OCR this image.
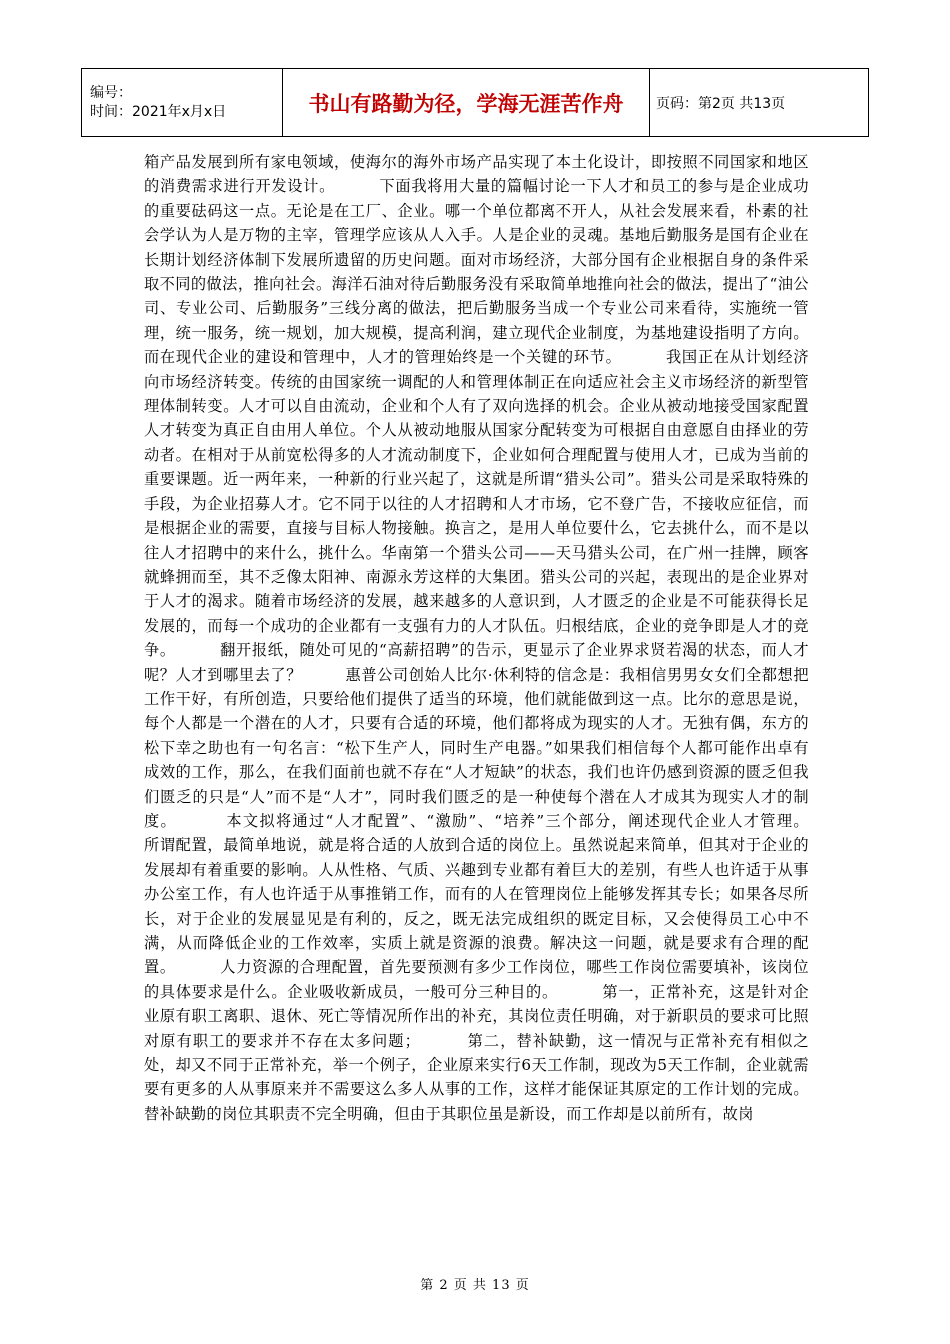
编号：
时间：2021年x月x日	书山有路勤为径，学海无涯苦作舟	页码：第2页 共13页

箱产品发展到所有家电领域，使海尔的海外市场产品实现了本土化设计，即按照不同国家和地区的消费需求进行开发设计。        下面我将用大量的篇幅讨论一下人才和员工的参与是企业成功的重要砝码这一点。无论是在工厂、企业。哪一个单位都离不开人，从社会发展来看，朴素的社会学认为人是万物的主宰，管理学应该从人入手。人是企业的灵魂。基地后勤服务是国有企业在长期计划经济体制下发展所遗留的历史问题。面对市场经济，大部分国有企业根据自身的条件采取不同的做法，推向社会。海洋石油对待后勤服务没有采取简单地推向社会的做法，提出了“油公司、专业公司、后勤服务”三线分离的做法，把后勤服务当成一个专业公司来看待，实施统一管理，统一服务，统一规划，加大规模，提高利润，建立现代企业制度，为基地建设指明了方向。而在现代企业的建设和管理中，人才的管理始终是一个关键的环节。        我国正在从计划经济向市场经济转变。传统的由国家统一调配的人和管理体制正在向适应社会主义市场经济的新型管理体制转变。人才可以自由流动，企业和个人有了双向选择的机会。企业从被动地接受国家配置人才转变为真正自由用人单位。个人从被动地服从国家分配转变为可根据自由意愿自由择业的劳动者。在相对于从前宽松得多的人才流动制度下，企业如何合理配置与使用人才，已成为当前的重要课题。近一两年来，一种新的行业兴起了，这就是所谓“猎头公司”。猎头公司是采取特殊的手段，为企业招募人才。它不同于以往的人才招聘和人才市场，它不登广告，不接收应征信，而是根据企业的需要，直接与目标人物接触。换言之，是用人单位要什么，它去挑什么，而不是以往人才招聘中的来什么，挑什么。华南第一个猎头公司——天马猎头公司，在广州一挂牌，顾客就蜂拥而至，其不乏像太阳神、南源永芳这样的大集团。猎头公司的兴起，表现出的是企业界对于人才的渴求。随着市场经济的发展，越来越多的人意识到，人才匮乏的企业是不可能获得长足发展的，而每一个成功的企业都有一支强有力的人才队伍。归根结底，企业的竞争即是人才的竞争。        翻开报纸，随处可见的“高薪招聘”的告示，更显示了企业界求贤若渴的状态，而人才呢？人才到哪里去了？        惠普公司创始人比尔·休利特的信念是：我相信男男女女们全都想把工作干好，有所创造，只要给他们提供了适当的环境，他们就能做到这一点。比尔的意思是说，每个人都是一个潜在的人才，只要有合适的环境，他们都将成为现实的人才。无独有偶，东方的松下幸之助也有一句名言：“松下生产人，同时生产电器。”如果我们相信每个人都可能作出卓有成效的工作，那么，在我们面前也就不存在“人才短缺”的状态，我们也许仍感到资源的匮乏但我们匮乏的只是“人”而不是“人才”，同时我们匮乏的是一种使每个潜在人才成其为现实人才的制度。        本文拟将通过“人才配置”、“激励”、“培养”三个部分，阐述现代企业人才管理。        所谓配置，最简单地说，就是将合适的人放到合适的岗位上。虽然说起来简单，但其对于企业的发展却有着重要的影响。人从性格、气质、兴趣到专业都有着巨大的差别，有些人也许适于从事办公室工作，有人也许适于从事推销工作，而有的人在管理岗位上能够发挥其专长；如果各尽所长，对于企业的发展显见是有利的，反之，既无法完成组织的既定目标，又会使得员工心中不满，从而降低企业的工作效率，实质上就是资源的浪费。解决这一问题，就是要求有合理的配置。        人力资源的合理配置，首先要预测有多少工作岗位，哪些工作岗位需要填补，该岗位的具体要求是什么。企业吸收新成员，一般可分三种目的。        第一，正常补充，这是针对企业原有职工离职、退休、死亡等情况所作出的补充，其岗位责任明确，对于新职员的要求可比照对原有职工的要求并不存在太多问题；        第二，替补缺勤，这一情况与正常补充有相似之处，却又不同于正常补充，举一个例子，企业原来实行6天工作制，现改为5天工作制，企业就需要有更多的人从事原来并不需要这么多人从事的工作，这样才能保证其原定的工作计划的完成。替补缺勤的岗位其职责不完全明确，但由于其职位虽是新设，而工作却是以前所有，故岗

第 2 页 共 13 页
